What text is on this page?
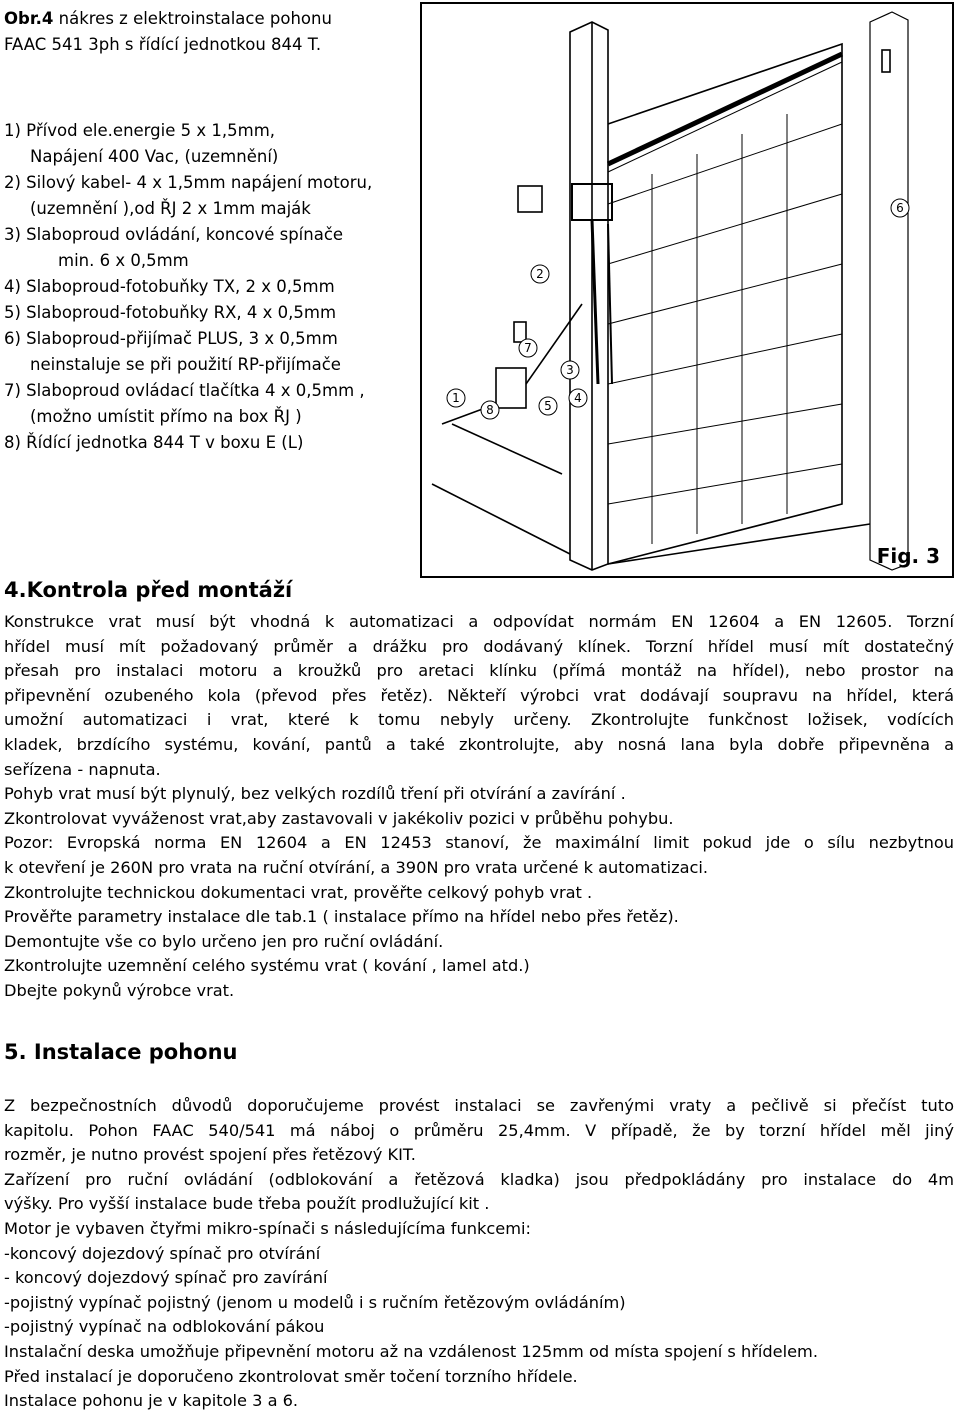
Obr.4 nákres z elektroinstalace pohonu
FAAC 541 3ph s řídící jednotkou 844 T.
1) Přívod ele.energie 5 x 1,5mm,
Napájení 400 Vac, (uzemnění)
2) Silový kabel- 4 x 1,5mm napájení motoru,
(uzemnění ),od ŘJ 2 x 1mm maják
3) Slaboproud ovládání, koncové spínače
min. 6 x 0,5mm
4) Slaboproud-fotobuňky TX, 2 x 0,5mm
5) Slaboproud-fotobuňky RX, 4 x 0,5mm
6) Slaboproud-přijímač PLUS, 3 x 0,5mm
neinstaluje se při použití RP-přijímače
7) Slaboproud ovládací tlačítka 4 x 0,5mm ,
(možno umístit přímo na box ŘJ )
8) Řídící jednotka 844 T v boxu E (L)
1
2
3
4
5
6
7
8
Fig. 3
4.Kontrola před montáží
Konstrukce vrat musí být vhodná k automatizaci a odpovídat normám EN 12604 a EN 12605. Torzní
hřídel musí mít požadovaný průměr a drážku pro dodávaný klínek. Torzní hřídel musí mít dostatečný
přesah pro instalaci motoru a kroužků pro aretaci klínku (přímá montáž na hřídel), nebo prostor na
připevnění ozubeného kola (převod přes řetěz). Někteří výrobci vrat dodávají soupravu na hřídel, která
umožní automatizaci i vrat, které k tomu nebyly určeny. Zkontrolujte funkčnost ložisek, vodících
kladek, brzdícího systému, kování, pantů a také zkontrolujte, aby nosná lana byla dobře připevněna a
seřízena - napnuta.
Pohyb vrat musí být plynulý, bez velkých rozdílů tření při otvírání a zavírání .
Zkontrolovat vyváženost vrat,aby zastavovali v jakékoliv pozici v průběhu pohybu.
Pozor: Evropská norma EN 12604 a EN 12453 stanoví, že maximální limit pokud jde o sílu nezbytnou
k otevření je 260N pro vrata na ruční otvírání, a 390N pro vrata určené k automatizaci.
Zkontrolujte technickou dokumentaci vrat, prověřte celkový pohyb vrat .
Prověřte parametry instalace dle tab.1 ( instalace přímo na hřídel nebo přes řetěz).
Demontujte vše co bylo určeno jen pro ruční ovládání.
Zkontrolujte uzemnění celého systému vrat ( kování , lamel atd.)
Dbejte pokynů výrobce vrat.
5. Instalace pohonu
Z bezpečnostních důvodů doporučujeme provést instalaci se zavřenými vraty a pečlivě si přečíst tuto
kapitolu. Pohon FAAC 540/541 má náboj o průměru 25,4mm. V případě, že by torzní hřídel měl jiný
rozměr, je nutno provést spojení přes řetězový KIT.
Zařízení pro ruční ovládání (odblokování a řetězová kladka) jsou předpokládány pro instalace do 4m
výšky. Pro vyšší instalace bude třeba použít prodlužující kit .
Motor je vybaven čtyřmi mikro-spínači s následujícíma funkcemi:
-koncový dojezdový spínač pro otvírání
- koncový dojezdový spínač pro zavírání
-pojistný vypínač pojistný (jenom u modelů i s ručním řetězovým ovládáním)
-pojistný vypínač na odblokování pákou
Instalační deska umožňuje připevnění motoru až na vzdálenost 125mm od místa spojení s hřídelem.
Před instalací je doporučeno zkontrolovat směr točení torzního hřídele.
Instalace pohonu je v kapitole 3 a 6.
